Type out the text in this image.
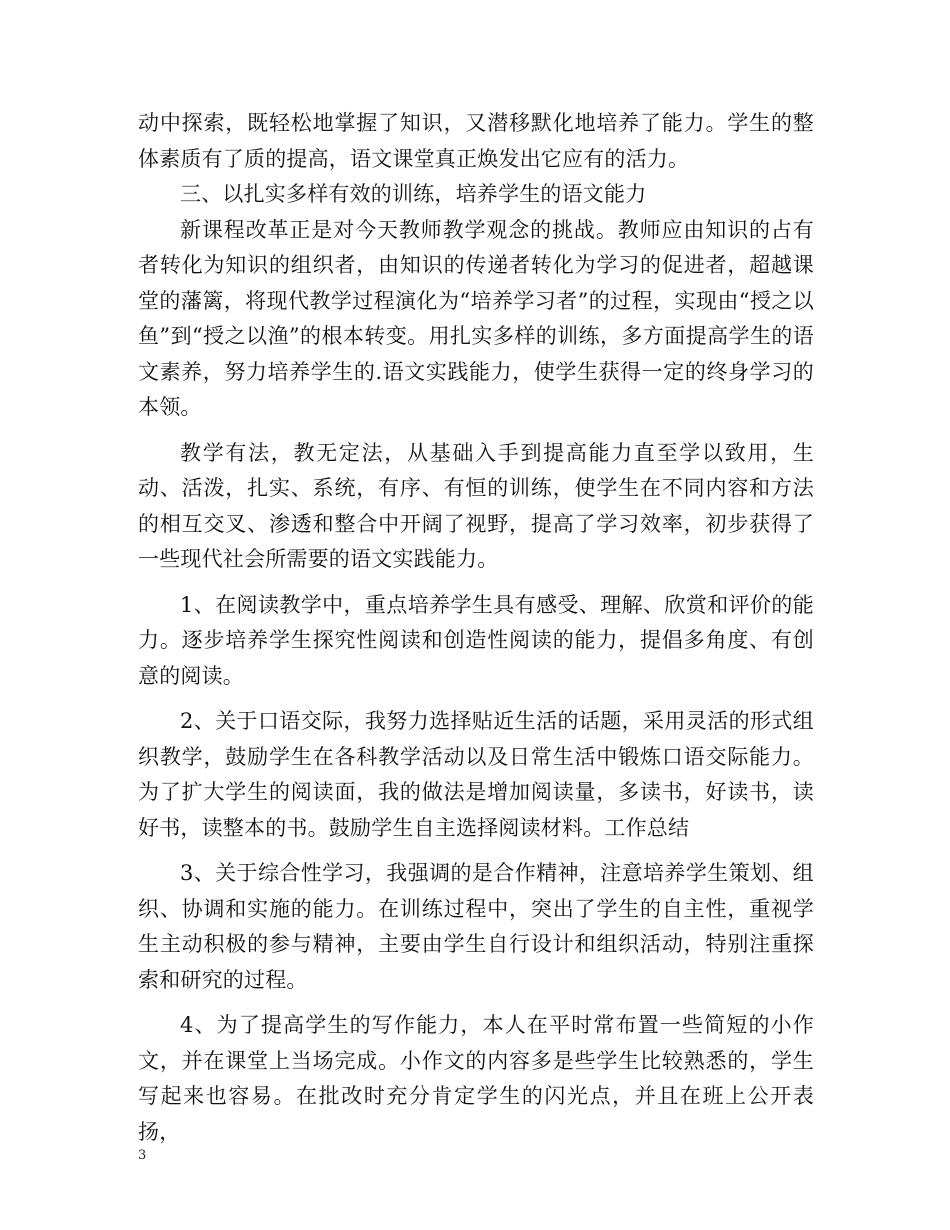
动中探索，既轻松地掌握了知识，又潜移默化地培养了能力。学生的整体素质有了质的提高，语文课堂真正焕发出它应有的活力。

三、以扎实多样有效的训练，培养学生的语文能力

新课程改革正是对今天教师教学观念的挑战。教师应由知识的占有者转化为知识的组织者，由知识的传递者转化为学习的促进者，超越课堂的藩篱，将现代教学过程演化为“培养学习者”的过程，实现由“授之以鱼”到“授之以渔”的根本转变。用扎实多样的训练，多方面提高学生的语文素养，努力培养学生的.语文实践能力，使学生获得一定的终身学习的本领。

教学有法，教无定法，从基础入手到提高能力直至学以致用，生动、活泼，扎实、系统，有序、有恒的训练，使学生在不同内容和方法的相互交叉、渗透和整合中开阔了视野，提高了学习效率，初步获得了一些现代社会所需要的语文实践能力。

1、在阅读教学中，重点培养学生具有感受、理解、欣赏和评价的能力。逐步培养学生探究性阅读和创造性阅读的能力，提倡多角度、有创意的阅读。

2、关于口语交际，我努力选择贴近生活的话题，采用灵活的形式组织教学，鼓励学生在各科教学活动以及日常生活中锻炼口语交际能力。为了扩大学生的阅读面，我的做法是增加阅读量，多读书，好读书，读好书，读整本的书。鼓励学生自主选择阅读材料。工作总结

3、关于综合性学习，我强调的是合作精神，注意培养学生策划、组织、协调和实施的能力。在训练过程中，突出了学生的自主性，重视学生主动积极的参与精神，主要由学生自行设计和组织活动，特别注重探索和研究的过程。

4、为了提高学生的写作能力，本人在平时常布置一些简短的小作文，并在课堂上当场完成。小作文的内容多是些学生比较熟悉的，学生写起来也容易。在批改时充分肯定学生的闪光点，并且在班上公开表扬，

3
